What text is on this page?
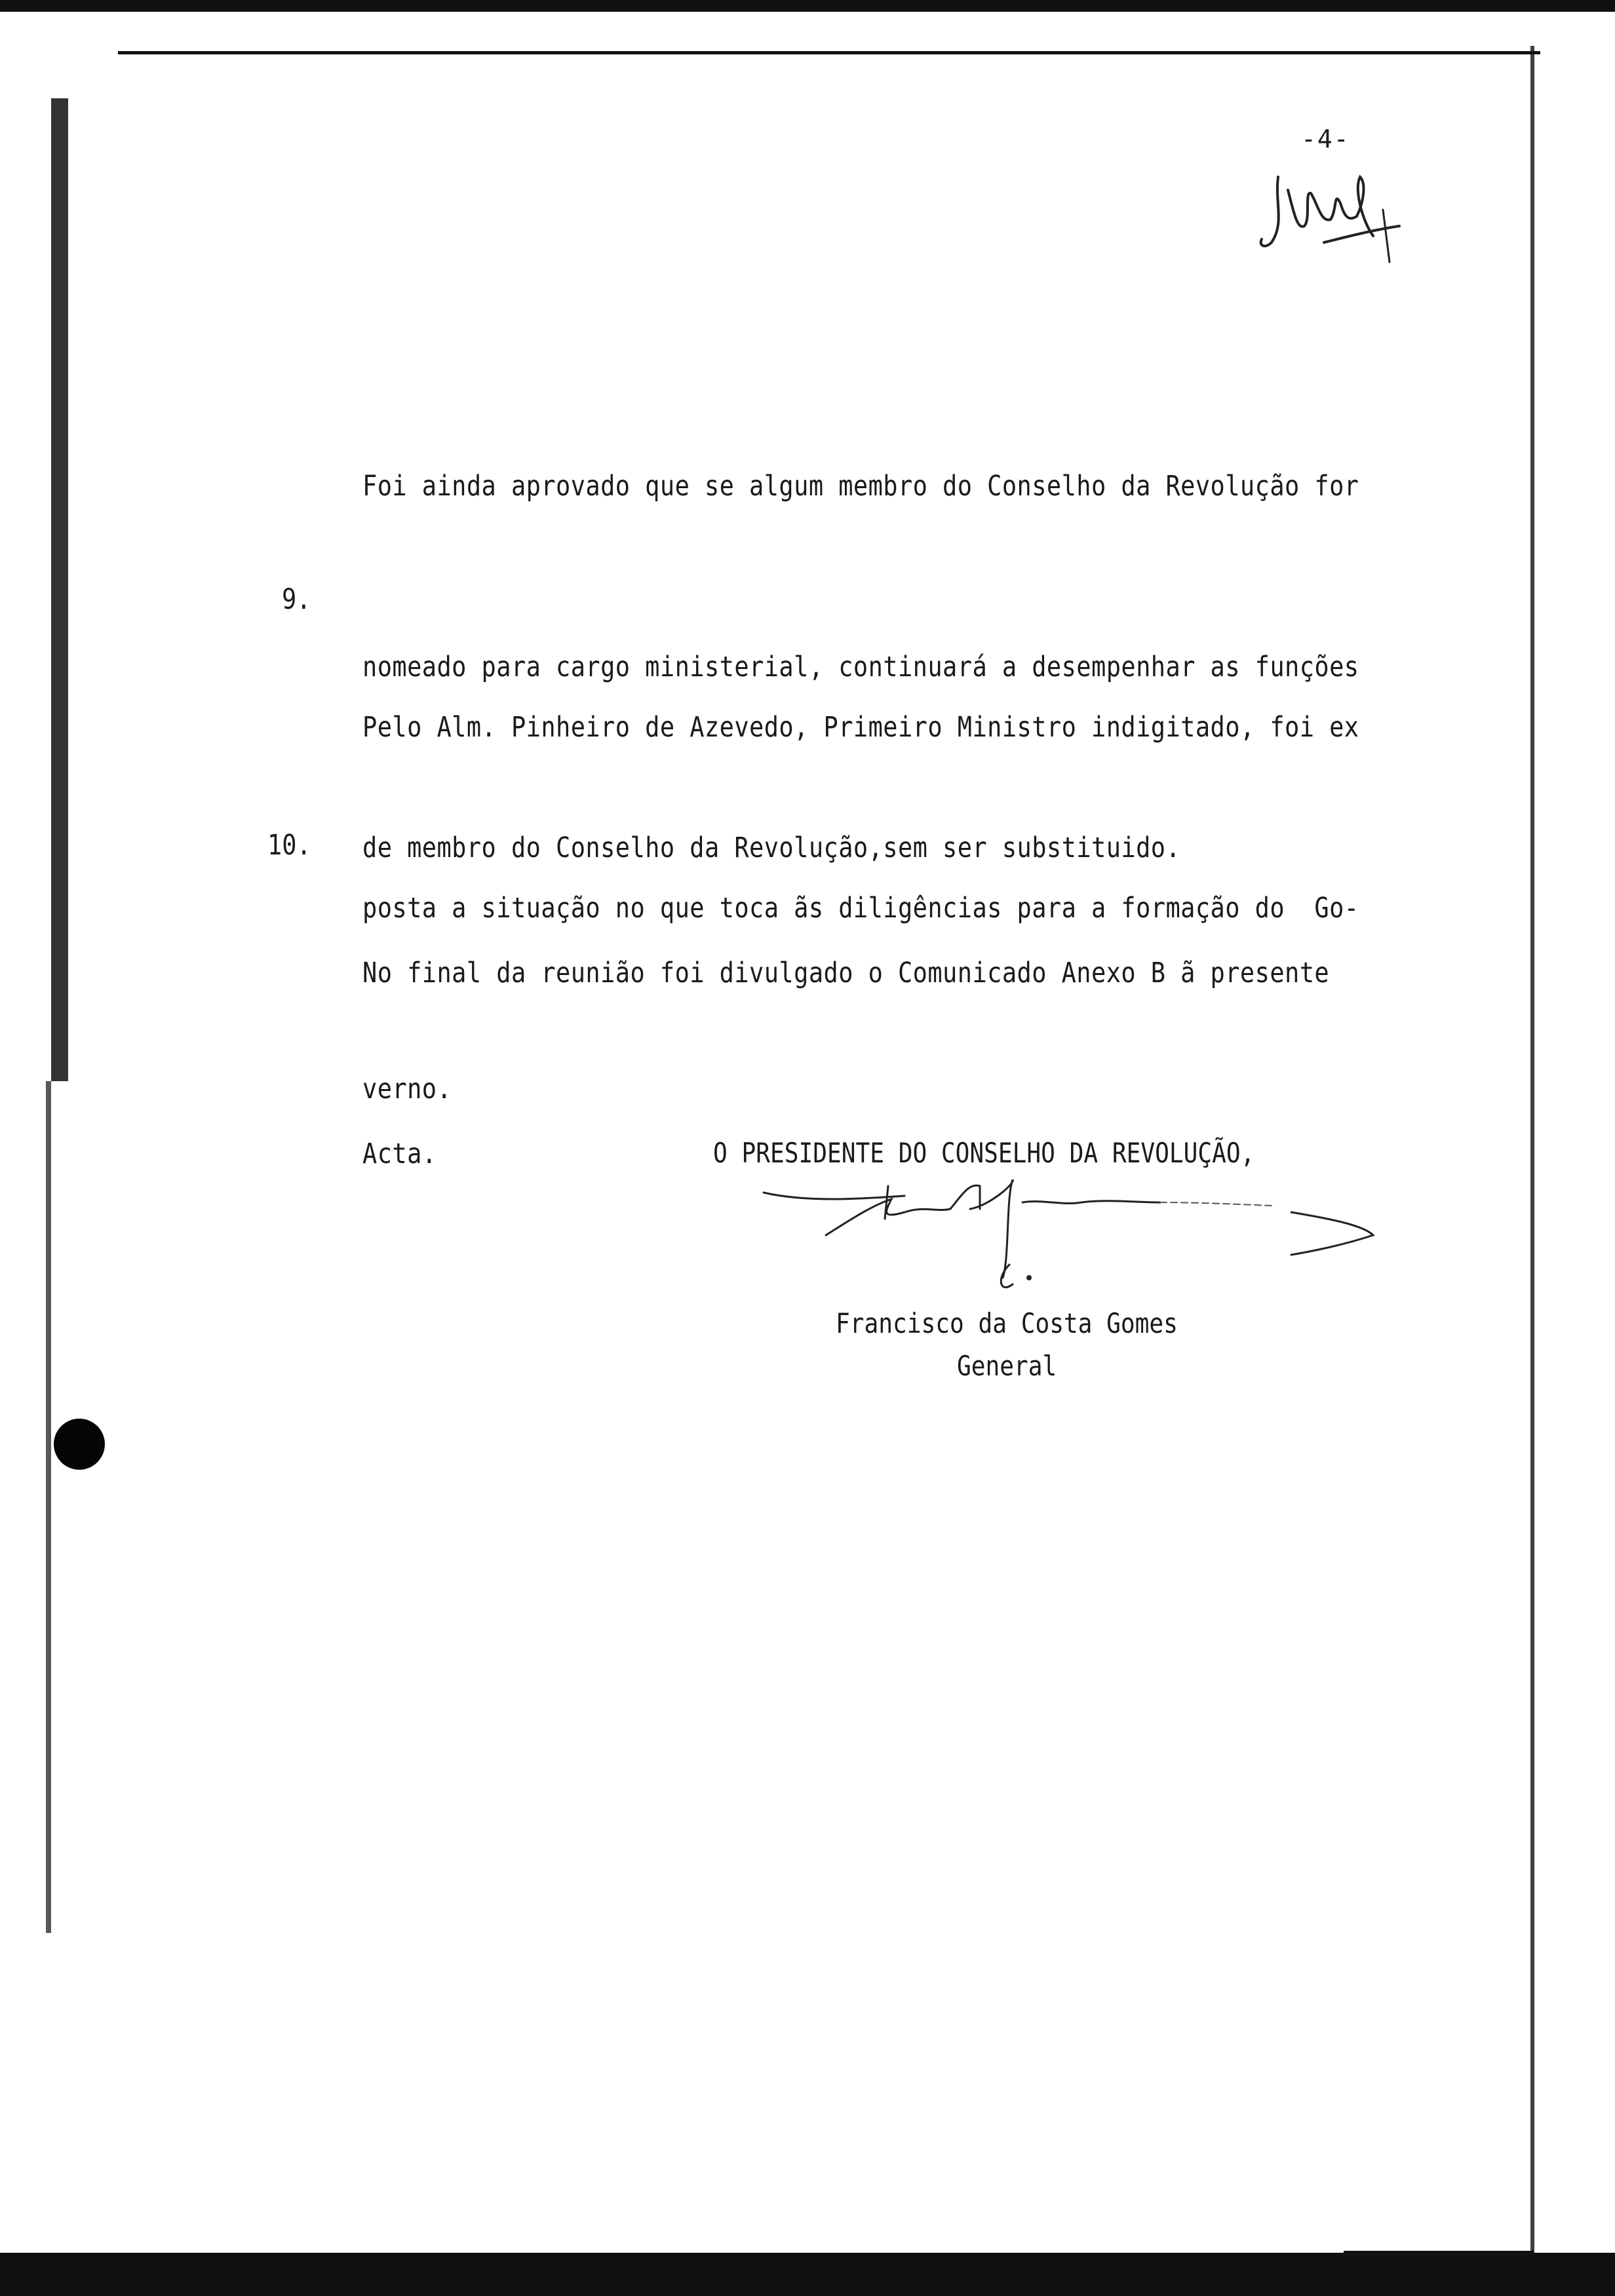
-4-

Foi ainda aprovado que se algum membro do Conselho da Revolução for

nomeado para cargo ministerial, continuará a desempenhar as funções

de membro do Conselho da Revolução,sem ser substituido.

9.

Pelo Alm. Pinheiro de Azevedo, Primeiro Ministro indigitado, foi ex

posta a situação no que toca ãs diligências para a formação do  Go-

verno.

10.

No final da reunião foi divulgado o Comunicado Anexo B ã presente

Acta.	O PRESIDENTE DO CONSELHO DA REVOLUÇÃO,
Francisco da Costa Gomes
General
